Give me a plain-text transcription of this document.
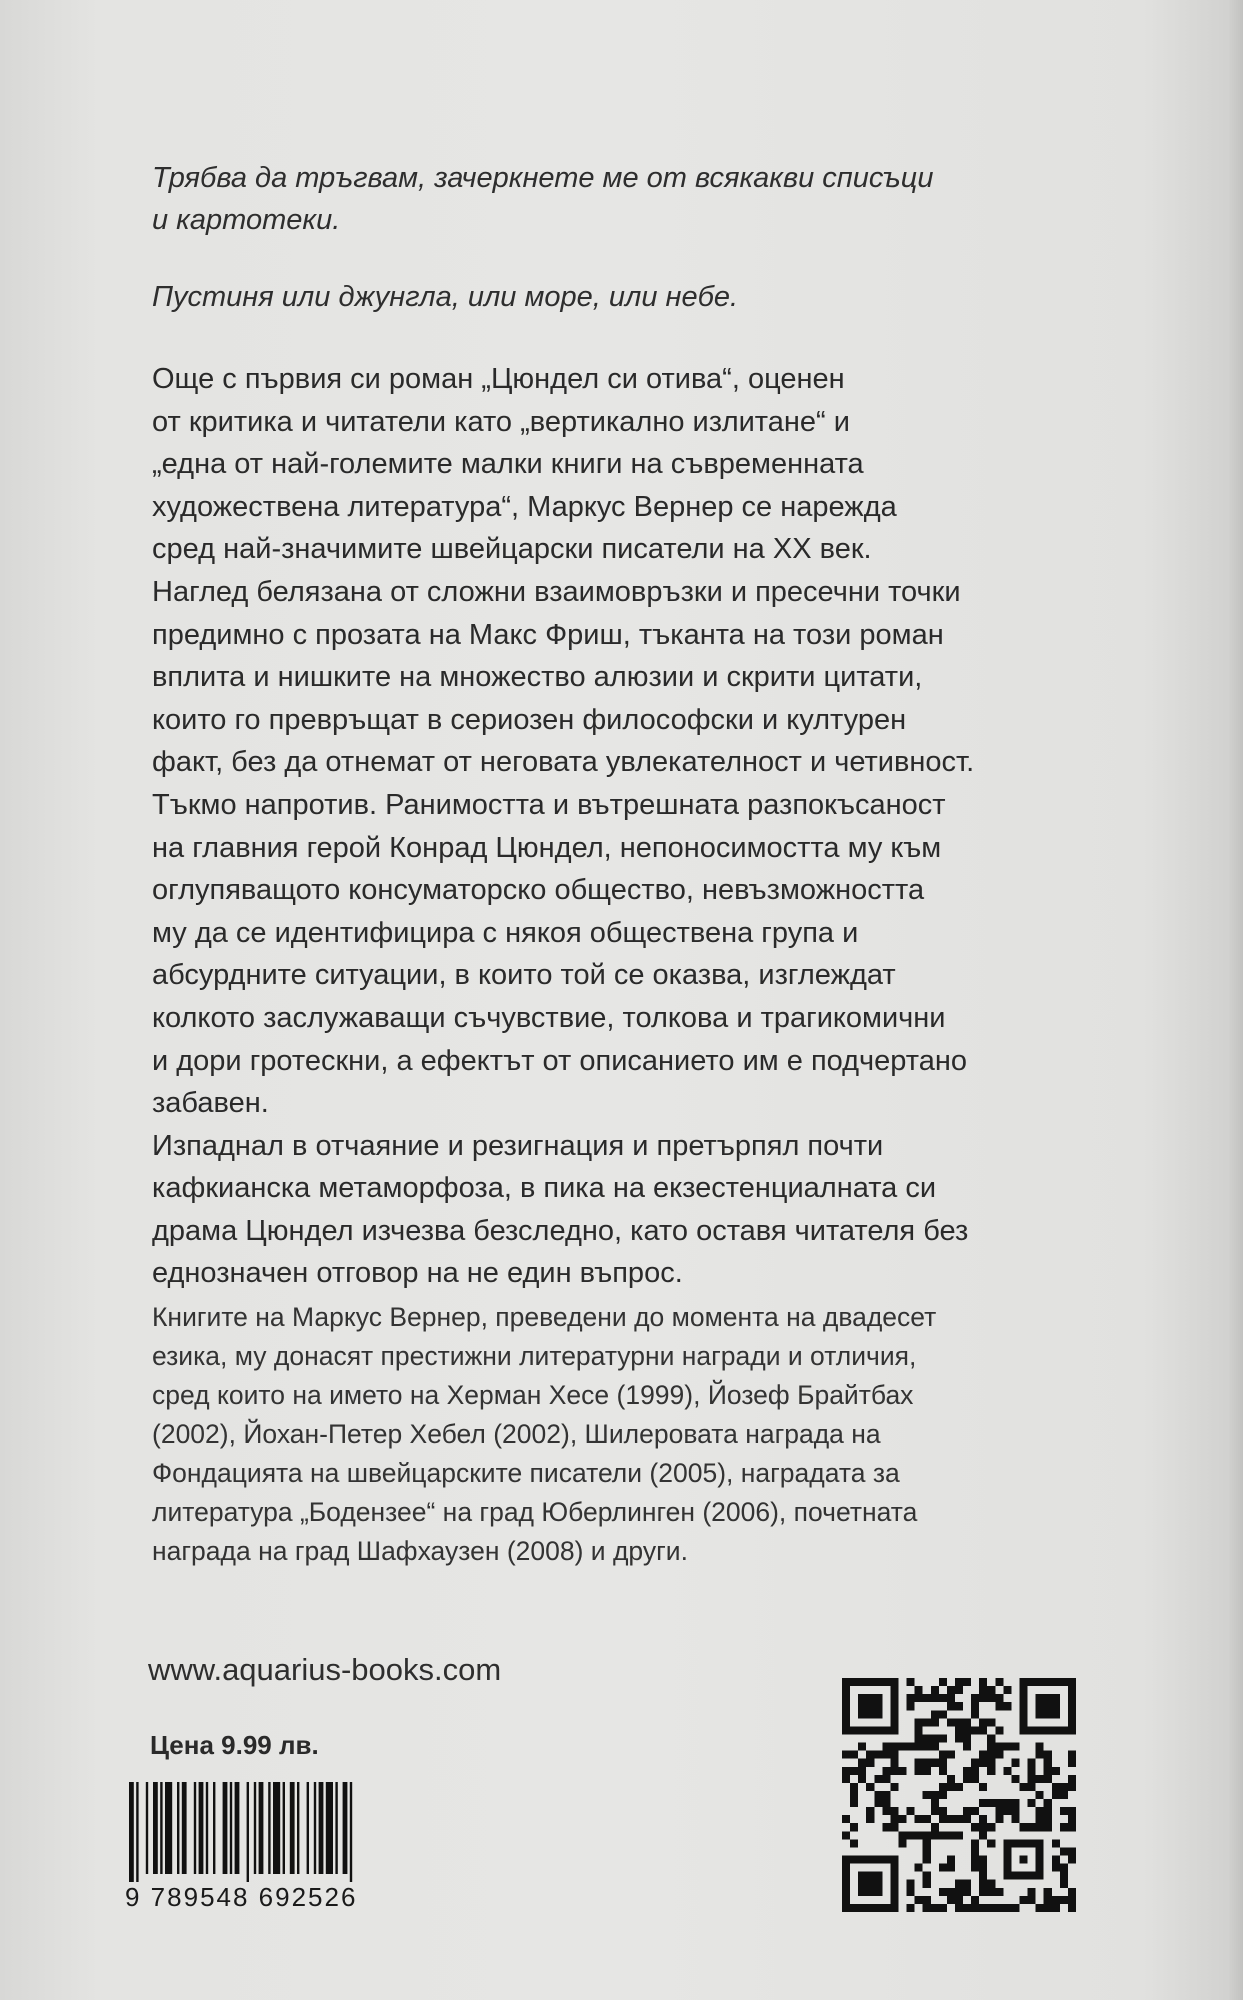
Трябва да тръгвам, зачеркнете ме от всякакви списъци
и картотеки.
Пустиня или джунгла, или море, или небе.
Още с първия си роман „Цюндел си отива“, оценен
от критика и читатели като „вертикално излитане“ и
„една от най-големите малки книги на съвременната
художествена литература“, Маркус Вернер се нарежда
сред най-значимите швейцарски писатели на ХХ век.
Наглед белязана от сложни взаимовръзки и пресечни точки
предимно с прозата на Макс Фриш, тъканта на този роман
вплита и нишките на множество алюзии и скрити цитати,
които го превръщат в сериозен философски и културен
факт, без да отнемат от неговата увлекателност и четивност.
Тъкмо напротив. Ранимостта и вътрешната разпокъсаност
на главния герой Конрад Цюндел, непоносимостта му към
оглупяващото консуматорско общество, невъзможността
му да се идентифицира с някоя обществена група и
абсурдните ситуации, в които той се оказва, изглеждат
колкото заслужаващи съчувствие, толкова и трагикомични
и дори гротескни, а ефектът от описанието им е подчертано
забавен.
Изпаднал в отчаяние и резигнация и претърпял почти
кафкианска метаморфоза, в пика на екзестенциалната си
драма Цюндел изчезва безследно, като оставя читателя без
еднозначен отговор на не един въпрос.
Книгите на Маркус Вернер, преведени до момента на двадесет
езика, му донасят престижни литературни награди и отличия,
сред които на името на Херман Хесе (1999), Йозеф Брайтбах
(2002), Йохан-Петер Хебел (2002), Шилеровата награда на
Фондацията на швейцарските писатели (2005), наградата за
литература „Бодензее“ на град Юберлинген (2006), почетната
награда на град Шафхаузен (2008) и други.
www.aquarius-books.com
Цена 9.99 лв.
9 789548 692526
